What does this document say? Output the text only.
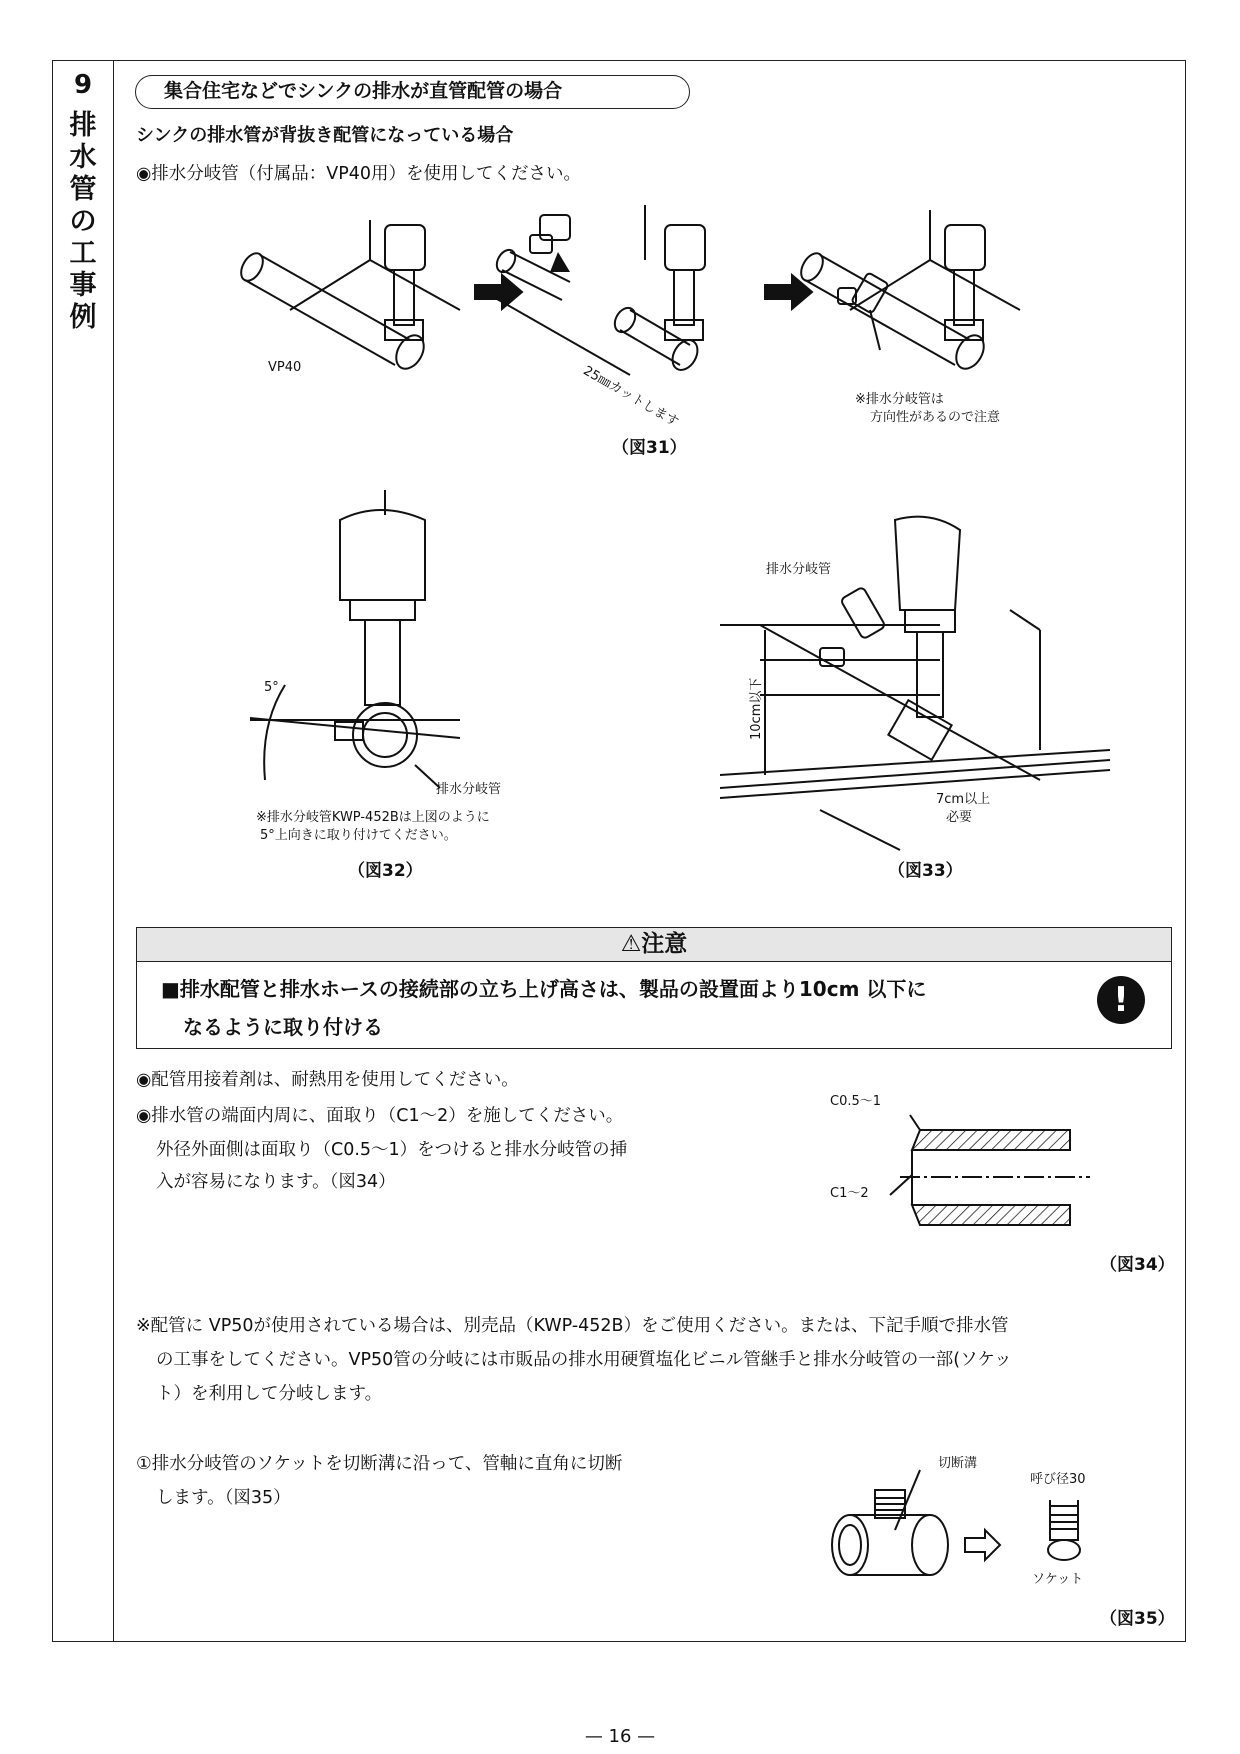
9
排
水
管
の
工
事
例
集合住宅などでシンクの排水が直管配管の場合
シンクの排水管が背抜き配管になっている場合
◉排水分岐管（付属品：VP40用）を使用してください。
VP40	25㎜カットします	※排水分岐管は
方向性があるので注意
（図31）
5°
排水分岐管
※排水分岐管KWP-452Bは上図のように
5°上向きに取り付けてください。
（図32）
排水分岐管
10cm以下
7cm以上
必要
（図33）
⚠注意
■排水配管と排水ホースの接続部の立ち上げ高さは、製品の設置面より10cm 以下に
なるように取り付ける
!
◉配管用接着剤は、耐熱用を使用してください。
◉排水管の端面内周に、面取り（C1～2）を施してください。
外径外面側は面取り（C0.5～1）をつけると排水分岐管の挿
入が容易になります。（図34）
C0.5～1
C1～2
（図34）
※配管に VP50が使用されている場合は、別売品（KWP-452B）をご使用ください。または、下記手順で排水管
の工事をしてください。VP50管の分岐には市販品の排水用硬質塩化ビニル管継手と排水分岐管の一部(ソケッ
ト）を利用して分岐します。
①排水分岐管のソケットを切断溝に沿って、管軸に直角に切断
します。（図35）
切断溝
呼び径30
ソケット
（図35）
— 16 —
